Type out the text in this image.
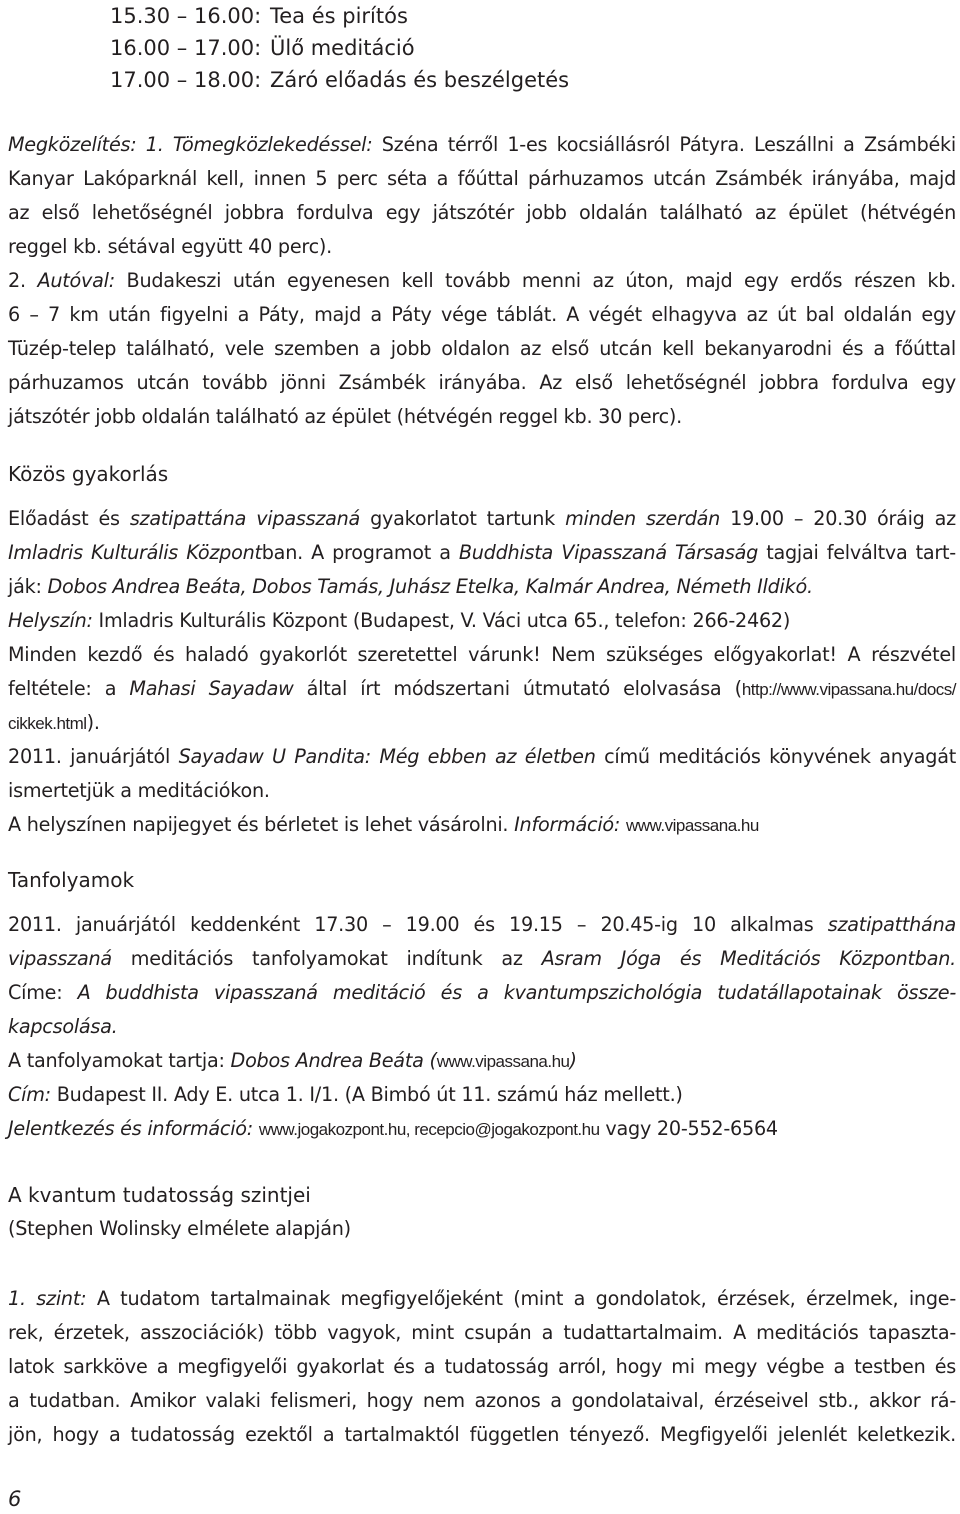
15.30 – 16.00: Tea és pirítós
16.00 – 17.00: Ülő meditáció
17.00 – 18.00: Záró előadás és beszélgetés
Megközelítés: 1. Tömegközlekedéssel: Széna térről 1-es kocsiállásról Pátyra. Leszállni a Zsámbéki
Kanyar Lakóparknál kell, innen 5 perc séta a főúttal párhuzamos utcán Zsámbék irányába, majd
az első lehetőségnél jobbra fordulva egy játszótér jobb oldalán található az épület (hétvégén
reggel kb. sétával együtt 40 perc).
2. Autóval: Budakeszi után egyenesen kell tovább menni az úton, majd egy erdős részen kb.
6 – 7 km után figyelni a Páty, majd a Páty vége táblát. A végét elhagyva az út bal oldalán egy
Tüzép-telep található, vele szemben a jobb oldalon az első utcán kell bekanyarodni és a főúttal
párhuzamos utcán tovább jönni Zsámbék irányába. Az első lehetőségnél jobbra fordulva egy
játszótér jobb oldalán található az épület (hétvégén reggel kb. 30 perc).
Közös gyakorlás
Előadást és szatipattána vipasszaná gyakorlatot tartunk minden szerdán 19.00 – 20.30 óráig az
Imladris Kulturális Központban. A programot a Buddhista Vipasszaná Társaság tagjai felváltva tart-
ják: Dobos Andrea Beáta, Dobos Tamás, Juhász Etelka, Kalmár Andrea, Németh Ildikó.
Helyszín: Imladris Kulturális Központ (Budapest, V. Váci utca 65., telefon: 266-2462)
Minden kezdő és haladó gyakorlót szeretettel várunk! Nem szükséges előgyakorlat! A részvétel
feltétele: a Mahasi Sayadaw által írt módszertani útmutató elolvasása (http://www.vipassana.hu/docs/
cikkek.html).
2011. januárjától Sayadaw U Pandita: Még ebben az életben című meditációs könyvének anyagát
ismertetjük a meditációkon.
A helyszínen napijegyet és bérletet is lehet vásárolni. Információ: www.vipassana.hu
Tanfolyamok
2011. januárjától keddenként 17.30 – 19.00 és 19.15 – 20.45-ig 10 alkalmas szatipatthána
vipasszaná meditációs tanfolyamokat indítunk az Asram Jóga és Meditációs Központban.
Címe: A buddhista vipasszaná meditáció és a kvantumpszichológia tudatállapotainak össze-
kapcsolása.
A tanfolyamokat tartja: Dobos Andrea Beáta (www.vipassana.hu)
Cím: Budapest II. Ady E. utca 1. I/1. (A Bimbó út 11. számú ház mellett.)
Jelentkezés és információ: www.jogakozpont.hu, recepcio@jogakozpont.hu vagy 20-552-6564
A kvantum tudatosság szintjei
(Stephen Wolinsky elmélete alapján)
1. szint: A tudatom tartalmainak megfigyelőjeként (mint a gondolatok, érzések, érzelmek, inge-
rek, érzetek, asszociációk) több vagyok, mint csupán a tudattartalmaim. A meditációs tapaszta-
latok sarkköve a megfigyelői gyakorlat és a tudatosság arról, hogy mi megy végbe a testben és
a tudatban. Amikor valaki felismeri, hogy nem azonos a gondolataival, érzéseivel stb., akkor rá-
jön, hogy a tudatosság ezektől a tartalmaktól független tényező. Megfigyelői jelenlét keletkezik.
6
